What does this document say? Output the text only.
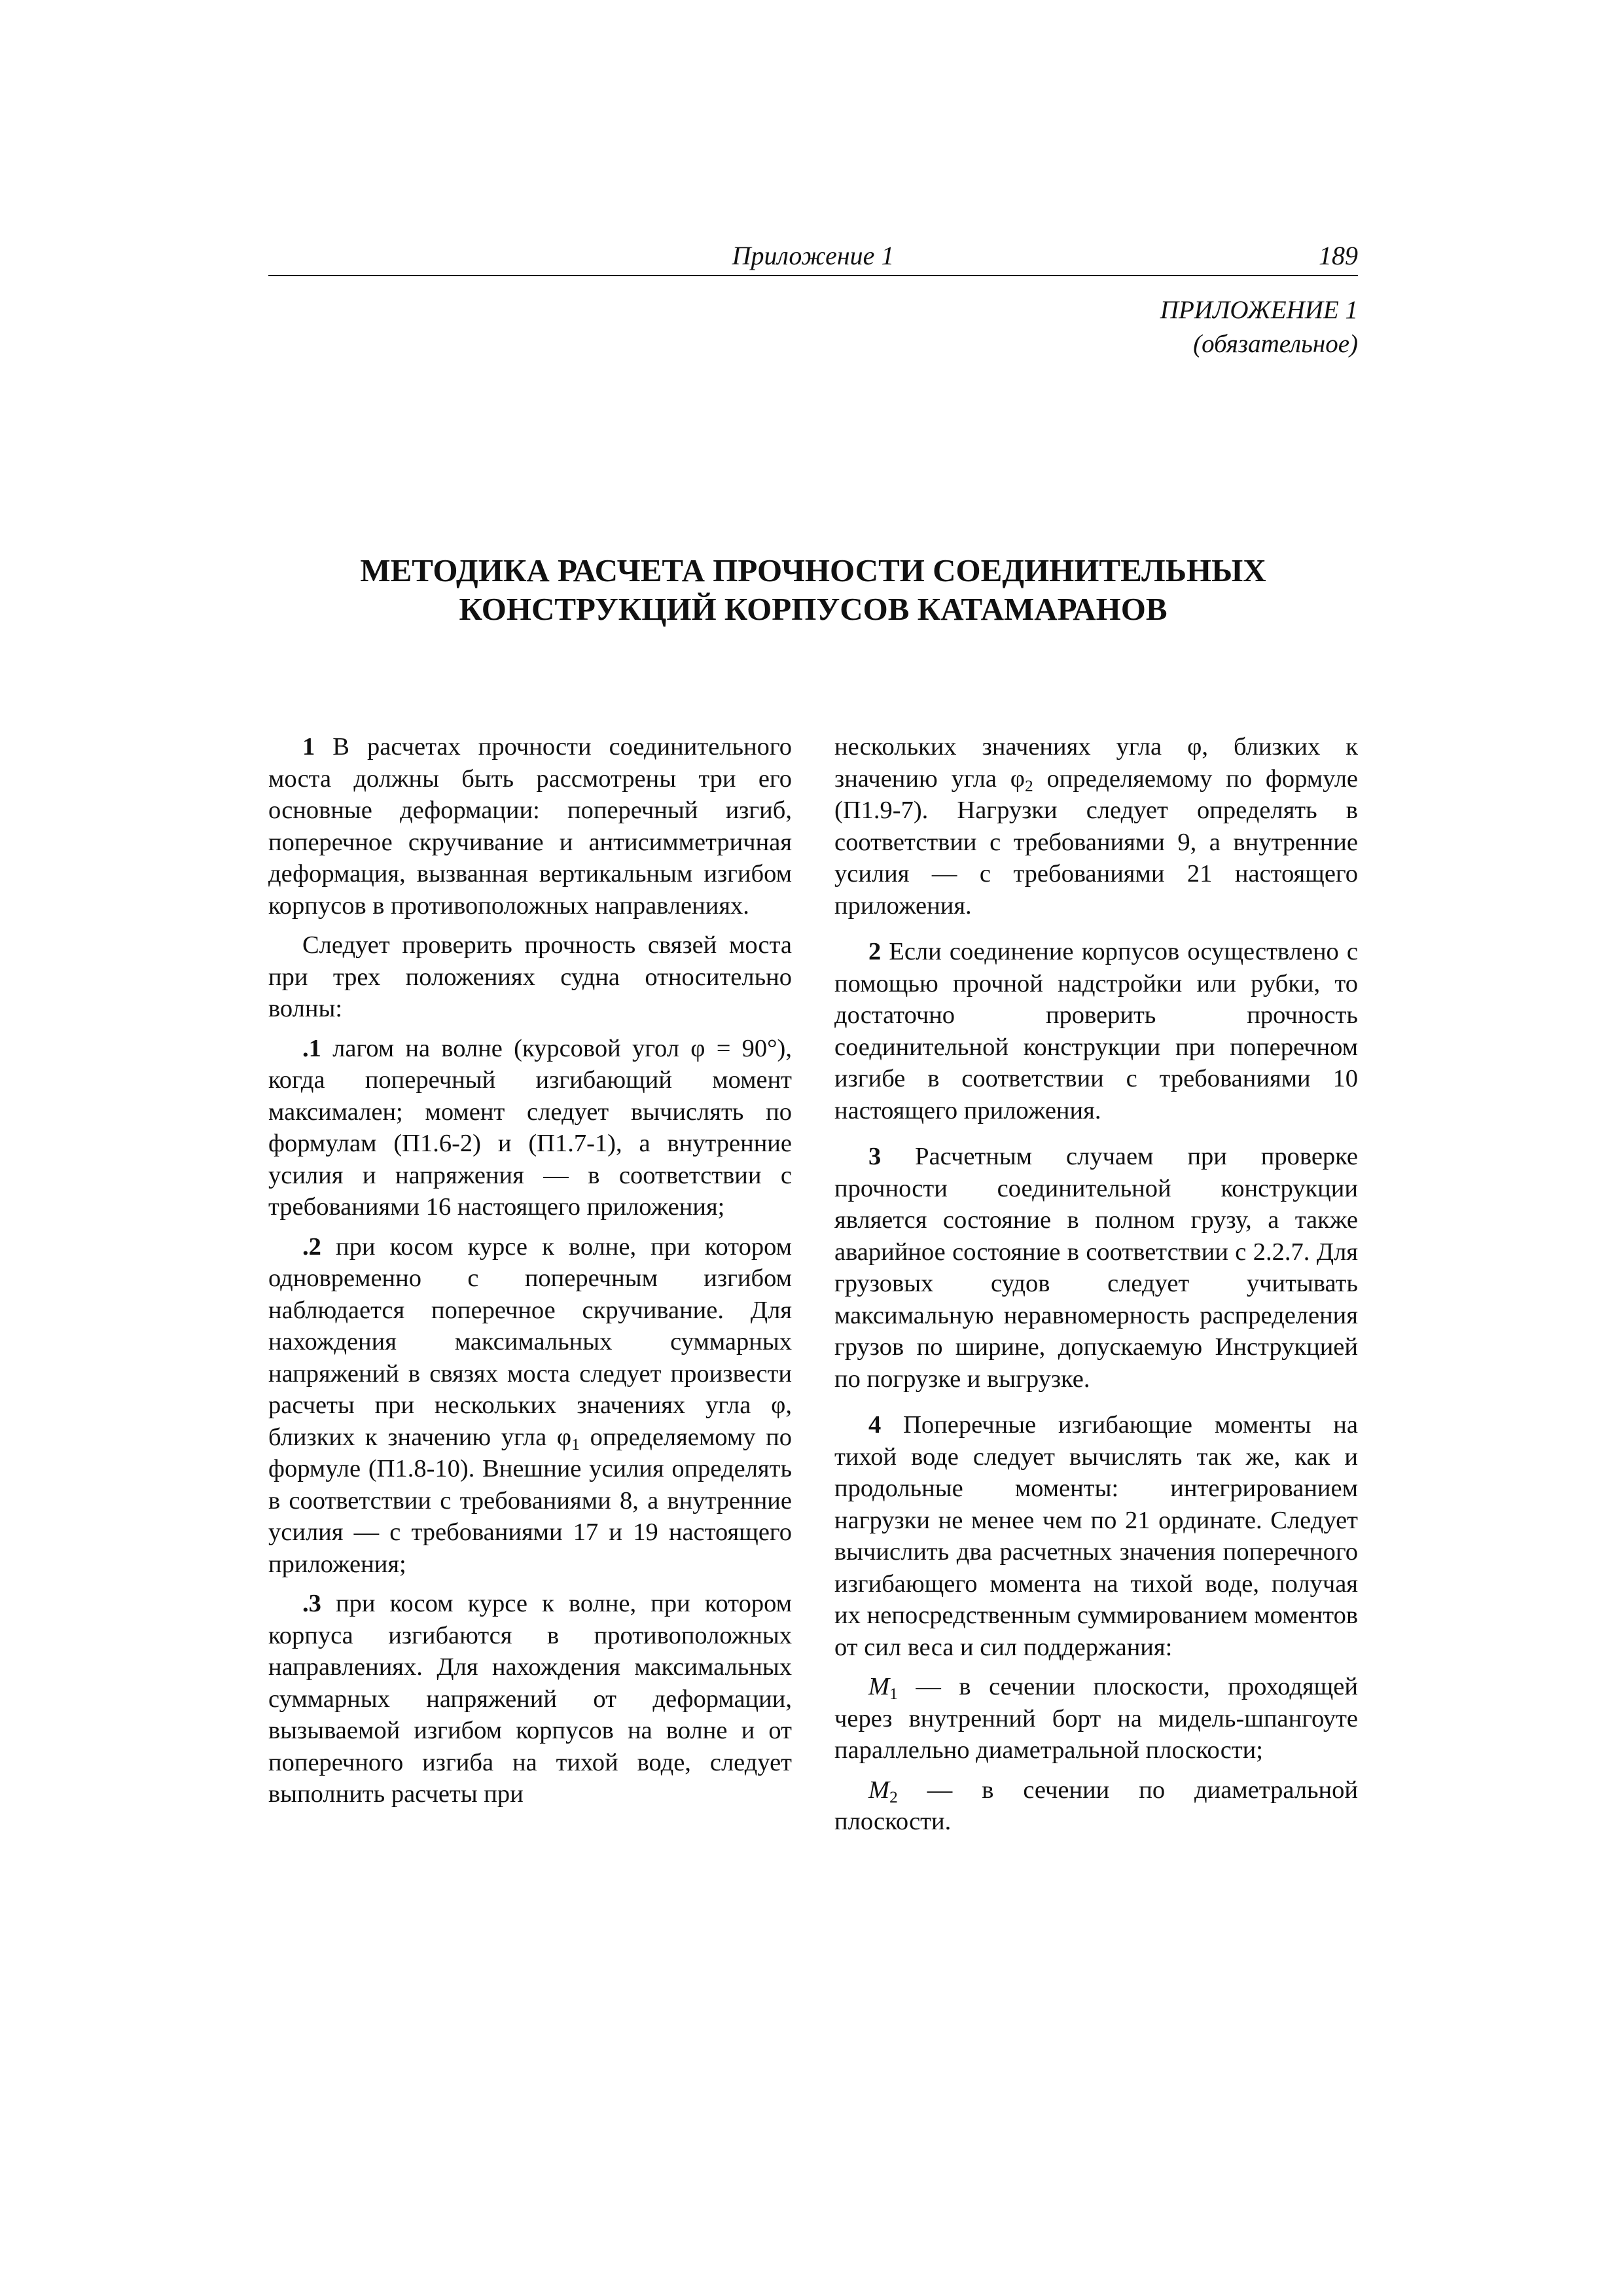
Приложение 1	189
ПРИЛОЖЕНИЕ 1
(обязательное)
МЕТОДИКА РАСЧЕТА ПРОЧНОСТИ СОЕДИНИТЕЛЬНЫХ
КОНСТРУКЦИЙ КОРПУСОВ КАТАМАРАНОВ

1 В расчетах прочности соединительного моста должны быть рассмотрены три его основные деформации: поперечный изгиб, поперечное скручивание и антисимметричная деформация, вызванная вертикальным изгибом корпусов в противоположных направлениях.

Следует проверить прочность связей моста при трех положениях судна относительно волны:

.1 лагом на волне (курсовой угол φ = 90°), когда поперечный изгибающий момент максимален; момент следует вычислять по формулам (П1.6-2) и (П1.7-1), а внутренние усилия и напряжения — в соответствии с требованиями 16 настоящего приложения;

.2 при косом курсе к волне, при котором одновременно с поперечным изгибом наблюдается поперечное скручивание. Для нахождения максимальных суммарных напряжений в связях моста следует произвести расчеты при нескольких значениях угла φ, близких к значению угла $\varphi_1$ определяемому по формуле (П1.8-10). Внешние усилия определять в соответствии с требованиями 8, а внутренние усилия — с требованиями 17 и 19 настоящего приложения;

.3 при косом курсе к волне, при котором корпуса изгибаются в противоположных направлениях. Для нахождения максимальных суммарных напряжений от деформации, вызываемой изгибом корпусов на волне и от поперечного изгиба на тихой воде, следует выполнить расчеты при

нескольких значениях угла φ, близких к значению угла $\varphi_2$ определяемому по формуле (П1.9-7). Нагрузки следует определять в соответствии с требованиями 9, а внутренние усилия — с требованиями 21 настоящего приложения.

2 Если соединение корпусов осуществлено с помощью прочной надстройки или рубки, то достаточно проверить прочность соединительной конструкции при поперечном изгибе в соответствии с требованиями 10 настоящего приложения.

3 Расчетным случаем при проверке прочности соединительной конструкции является состояние в полном грузу, а также аварийное состояние в соответствии с 2.2.7. Для грузовых судов следует учитывать максимальную неравномерность распределения грузов по ширине, допускаемую Инструкцией по погрузке и выгрузке.

4 Поперечные изгибающие моменты на тихой воде следует вычислять так же, как и продольные моменты: интегрированием нагрузки не менее чем по 21 ординате. Следует вычислить два расчетных значения поперечного изгибающего момента на тихой воде, получая их непосредственным суммированием моментов от сил веса и сил поддержания:

$M_1$ — в сечении плоскости, проходящей через внутренний борт на мидель-шпангоуте параллельно диаметральной плоскости;

$M_2$ — в сечении по диаметральной плоскости.
